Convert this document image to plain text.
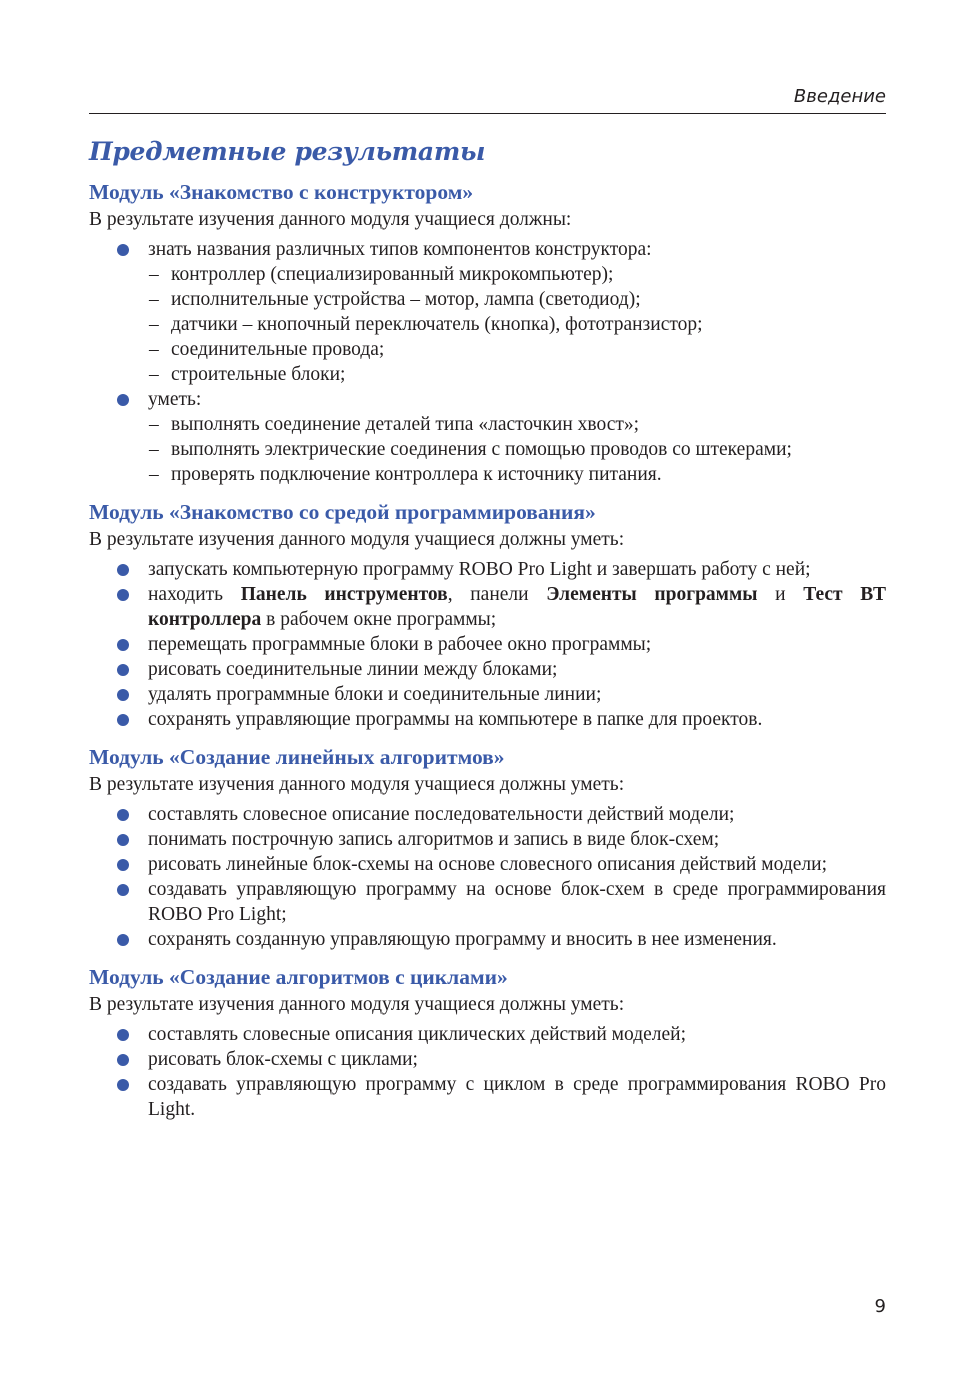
Введение
Предметные результаты
Модуль «Знакомство с конструктором»

В результате изучения данного модуля учащиеся должны:

знать названия различных типов компонентов конструктора:
– контроллер (специализированный микрокомпьютер);
– исполнительные устройства – мотор, лампа (светодиод);
– датчики – кнопочный переключатель (кнопка), фототранзистор;
– соединительные провода;
– строительные блоки;
уметь:
– выполнять соединение деталей типа «ласточкин хвост»;
– выполнять электрические соединения с помощью проводов со штекерами;
– проверять подключение контроллера к источнику питания.
Модуль «Знакомство со средой программирования»

В результате изучения данного модуля учащиеся должны уметь:

запускать компьютерную программу ROBO Pro Light и завершать работу с ней;
находить Панель инструментов, панели Элементы программы и Тест ВТ контроллера в рабочем окне программы;
перемещать программные блоки в рабочее окно программы;
рисовать соединительные линии между блоками;
удалять программные блоки и соединительные линии;
сохранять управляющие программы на компьютере в папке для проектов.
Модуль «Создание линейных алгоритмов»

В результате изучения данного модуля учащиеся должны уметь:

составлять словесное описание последовательности действий модели;
понимать построчную запись алгоритмов и запись в виде блок-схем;
рисовать линейные блок-схемы на основе словесного описания действий модели;
создавать управляющую программу на основе блок-схем в среде программирования ROBO Pro Light;
сохранять созданную управляющую программу и вносить в нее изменения.
Модуль «Создание алгоритмов с циклами»

В результате изучения данного модуля учащиеся должны уметь:

составлять словесные описания циклических действий моделей;
рисовать блок-схемы с циклами;
создавать управляющую программу с циклом в среде программирования ROBO Pro Light.
9
